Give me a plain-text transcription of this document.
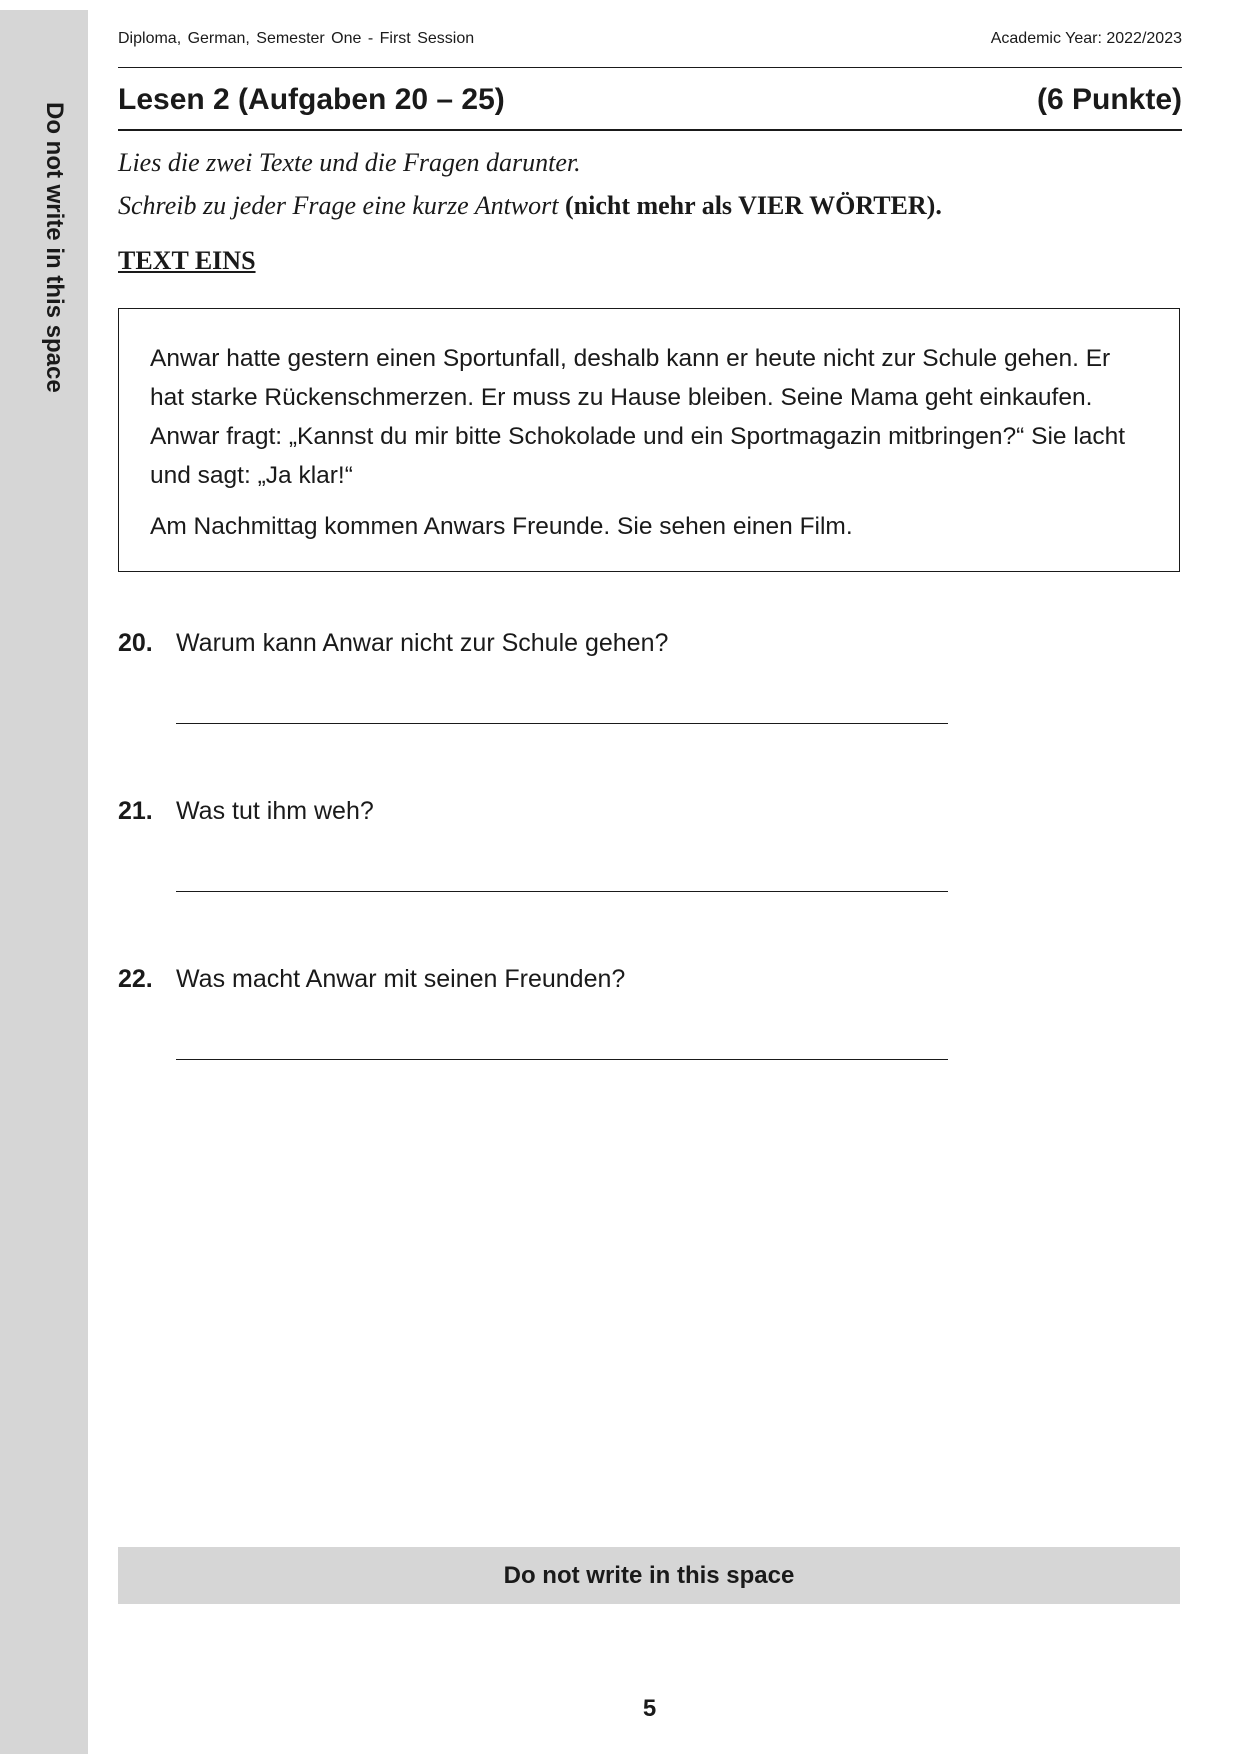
Do not write in this space
Diploma, German, Semester One - First Session	Academic Year: 2022/2023
Lesen 2 (Aufgaben 20 – 25)	(6 Punkte)
Lies die zwei Texte und die Fragen darunter.
Schreib zu jeder Frage eine kurze Antwort (nicht mehr als VIER WÖRTER).
TEXT EINS

Anwar hatte gestern einen Sportunfall, deshalb kann er heute nicht zur Schule gehen. Er hat starke Rückenschmerzen. Er muss zu Hause bleiben. Seine Mama geht einkaufen. Anwar fragt: „Kannst du mir bitte Schokolade und ein Sportmagazin mitbringen?“ Sie lacht und sagt: „Ja klar!“

Am Nachmittag kommen Anwars Freunde. Sie sehen einen Film.

20. Warum kann Anwar nicht zur Schule gehen?
21. Was tut ihm weh?
22. Was macht Anwar mit seinen Freunden?
Do not write in this space
5
